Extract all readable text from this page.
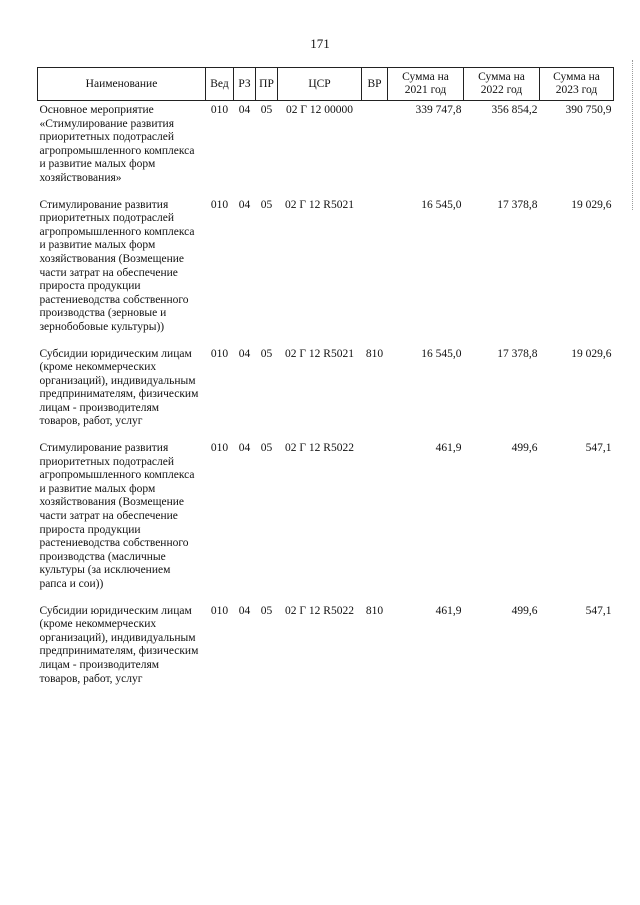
171
Наименование	Вед	РЗ	ПР	ЦСР	ВР	Сумма на 2021 год	Сумма на 2022 год	Сумма на 2023 год
Основное мероприятие «Стимулирование развития приоритетных подотраслей агропромышленного комплекса и развитие малых форм хозяйствования»	010	04	05	02 Г 12 00000		339 747,8	356 854,2	390 750,9
Стимулирование развития приоритетных подотраслей агропромышленного комплекса и развитие малых форм хозяйствования (Возмещение части затрат на обеспечение прироста продукции растениеводства собственного производства (зерновые и зернобобовые культуры))	010	04	05	02 Г 12 R5021		16 545,0	17 378,8	19 029,6
Субсидии юридическим лицам (кроме некоммерческих организаций), индивидуальным предпринимателям, физическим лицам - производителям товаров, работ, услуг	010	04	05	02 Г 12 R5021	810	16 545,0	17 378,8	19 029,6
Стимулирование развития приоритетных подотраслей агропромышленного комплекса и развитие малых форм хозяйствования (Возмещение части затрат на обеспечение прироста продукции растениеводства собственного производства (масличные культуры (за исключением рапса и сои))	010	04	05	02 Г 12 R5022		461,9	499,6	547,1
Субсидии юридическим лицам (кроме некоммерческих организаций), индивидуальным предпринимателям, физическим лицам - производителям товаров, работ, услуг	010	04	05	02 Г 12 R5022	810	461,9	499,6	547,1
